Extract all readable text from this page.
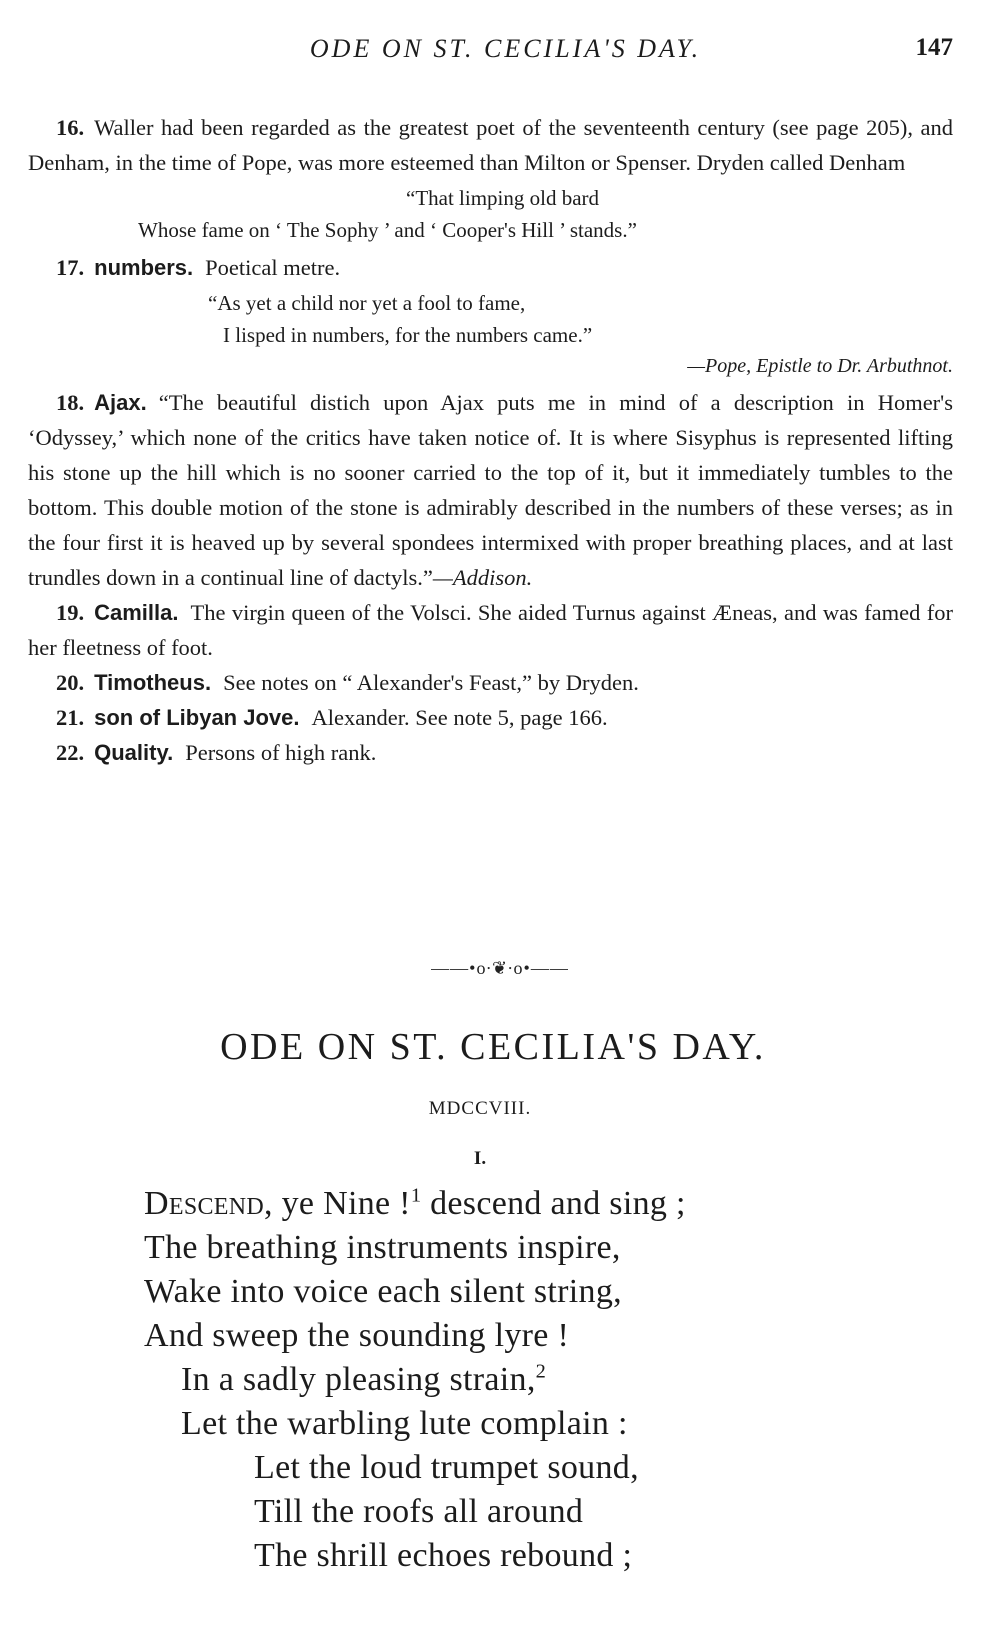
ODE ON ST. CECILIA'S DAY.	147

16. Waller had been regarded as the greatest poet of the seventeenth century (see page 205), and Denham, in the time of Pope, was more esteemed than Milton or Spenser. Dryden called Denham

“That limping old bard
Whose fame on ‘ The Sophy ’ and ‘ Cooper's Hill ’ stands.”

17. numbers. Poetical metre.

“As yet a child nor yet a fool to fame,
I lisped in numbers, for the numbers came.”
—Pope, Epistle to Dr. Arbuthnot.

18. Ajax. “The beautiful distich upon Ajax puts me in mind of a description in Homer's ‘Odyssey,’ which none of the critics have taken notice of. It is where Sisyphus is represented lifting his stone up the hill which is no sooner carried to the top of it, but it immediately tumbles to the bottom. This double motion of the stone is admirably described in the numbers of these verses; as in the four first it is heaved up by several spondees intermixed with proper breathing places, and at last trundles down in a continual line of dactyls.”—Addison.

19. Camilla. The virgin queen of the Volsci. She aided Turnus against Æneas, and was famed for her fleetness of foot.

20. Timotheus. See notes on “ Alexander's Feast,” by Dryden.

21. son of Libyan Jove. Alexander. See note 5, page 166.

22. Quality. Persons of high rank.

——•o∙❦∙o•——
ODE ON ST. CECILIA'S DAY.
MDCCVIII.
I.
Descend, ye Nine !$^1$ descend and sing ;
The breathing instruments inspire,
Wake into voice each silent string,
And sweep the sounding lyre !
In a sadly pleasing strain,$^2$
Let the warbling lute complain :
Let the loud trumpet sound,
Till the roofs all around
The shrill echoes rebound ;
